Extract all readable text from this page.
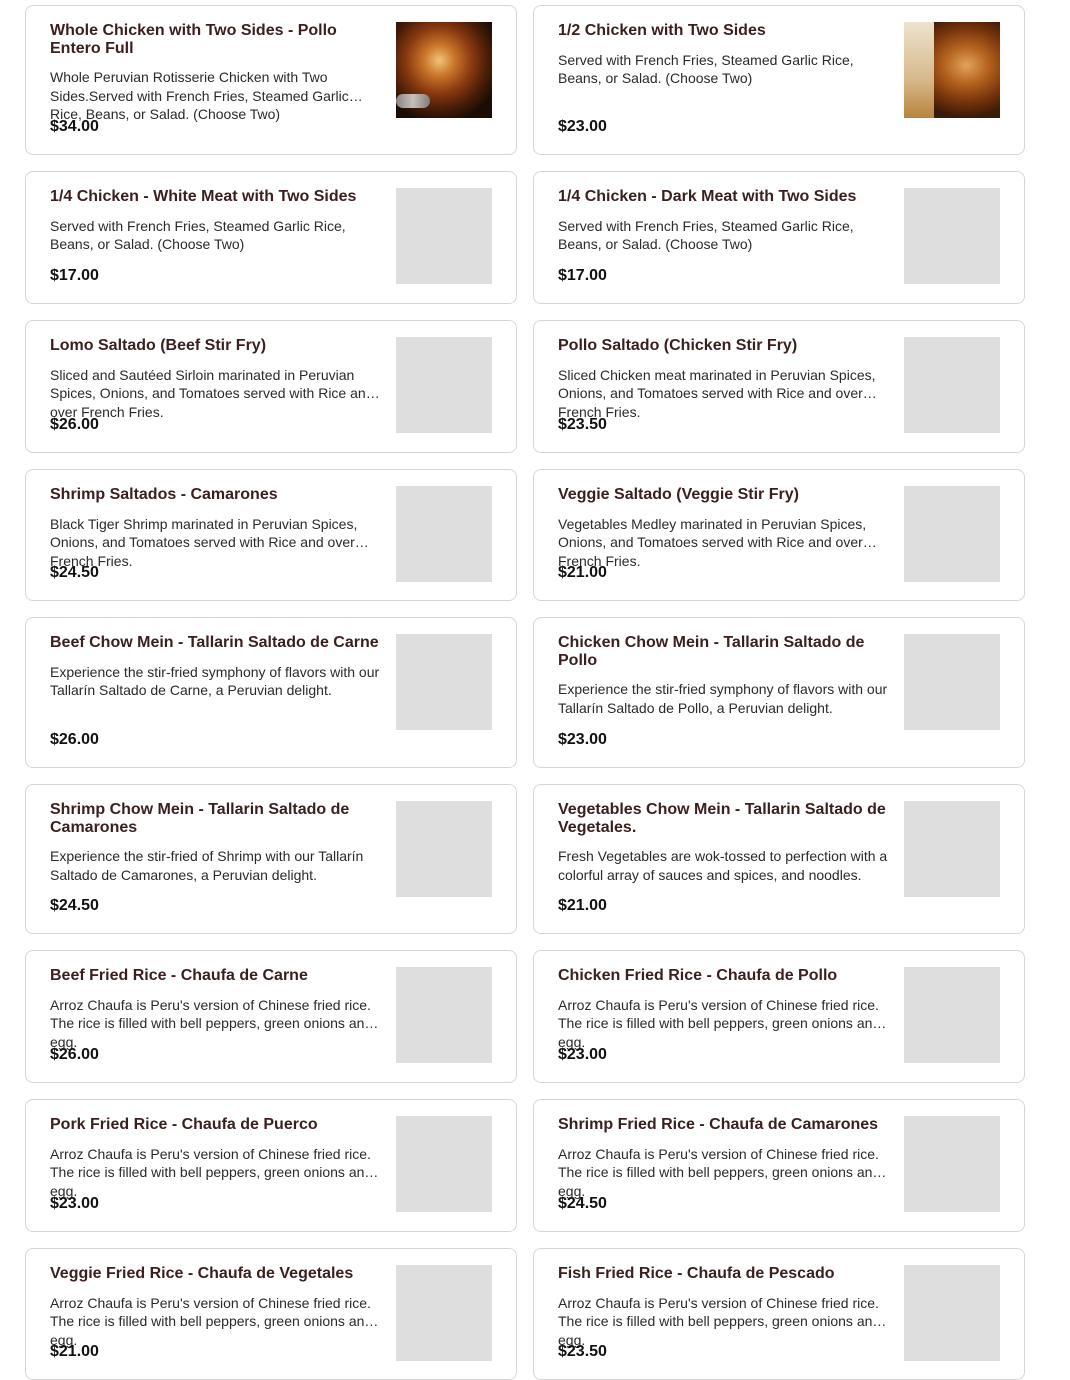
Whole Chicken with Two Sides - Pollo Entero Full
Whole Peruvian Rotisserie Chicken with Two Sides.Served with French Fries, Steamed Garlic Rice, Beans, or Salad. (Choose Two)
$34.00
1/2 Chicken with Two Sides
Served with French Fries, Steamed Garlic Rice, Beans, or Salad. (Choose Two)
$23.00
1/4 Chicken - White Meat with Two Sides
Served with French Fries, Steamed Garlic Rice, Beans, or Salad. (Choose Two)
$17.00
1/4 Chicken - Dark Meat with Two Sides
Served with French Fries, Steamed Garlic Rice, Beans, or Salad. (Choose Two)
$17.00
Lomo Saltado (Beef Stir Fry)
Sliced and Sautéed Sirloin marinated in Peruvian Spices, Onions, and Tomatoes served with Rice and over French Fries.
$26.00
Pollo Saltado (Chicken Stir Fry)
Sliced Chicken meat marinated in Peruvian Spices, Onions, and Tomatoes served with Rice and over French Fries.
$23.50
Shrimp Saltados - Camarones
Black Tiger Shrimp marinated in Peruvian Spices, Onions, and Tomatoes served with Rice and over French Fries.
$24.50
Veggie Saltado (Veggie Stir Fry)
Vegetables Medley marinated in Peruvian Spices, Onions, and Tomatoes served with Rice and over French Fries.
$21.00
Beef Chow Mein - Tallarin Saltado de Carne
Experience the stir-fried symphony of flavors with our Tallarín Saltado de Carne, a Peruvian delight.
$26.00
Chicken Chow Mein - Tallarin Saltado de Pollo
Experience the stir-fried symphony of flavors with our Tallarín Saltado de Pollo, a Peruvian delight.
$23.00
Shrimp Chow Mein - Tallarin Saltado de Camarones
Experience the stir-fried of Shrimp with our Tallarín Saltado de Camarones, a Peruvian delight.
$24.50
Vegetables Chow Mein - Tallarin Saltado de Vegetales.
Fresh Vegetables are wok-tossed to perfection with a colorful array of sauces and spices, and noodles.
$21.00
Beef Fried Rice - Chaufa de Carne
Arroz Chaufa is Peru's version of Chinese fried rice. The rice is filled with bell peppers, green onions and egg.
$26.00
Chicken Fried Rice - Chaufa de Pollo
Arroz Chaufa is Peru's version of Chinese fried rice. The rice is filled with bell peppers, green onions and egg.
$23.00
Pork Fried Rice - Chaufa de Puerco
Arroz Chaufa is Peru's version of Chinese fried rice. The rice is filled with bell peppers, green onions and egg.
$23.00
Shrimp Fried Rice - Chaufa de Camarones
Arroz Chaufa is Peru's version of Chinese fried rice. The rice is filled with bell peppers, green onions and egg.
$24.50
Veggie Fried Rice - Chaufa de Vegetales
Arroz Chaufa is Peru's version of Chinese fried rice. The rice is filled with bell peppers, green onions and egg.
$21.00
Fish Fried Rice - Chaufa de Pescado
Arroz Chaufa is Peru's version of Chinese fried rice. The rice is filled with bell peppers, green onions and egg.
$23.50
